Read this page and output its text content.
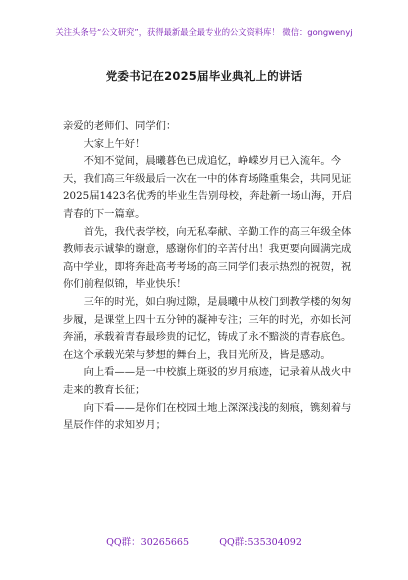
关注头条号“公文研究”，获得最新最全最专业的公文资料库！ 微信：gongwenyj
党委书记在2025届毕业典礼上的讲话

亲爱的老师们、同学们：

大家上午好！

不知不觉间，晨曦暮色已成追忆，峥嵘岁月已入流年。今天，我们高三年级最后一次在一中的体育场隆重集会，共同见证2025届1423名优秀的毕业生告别母校，奔赴新一场山海，开启青春的下一篇章。

首先，我代表学校，向无私奉献、辛勤工作的高三年级全体教师表示诚挚的谢意，感谢你们的辛苦付出！我更要向圆满完成高中学业，即将奔赴高考考场的高三同学们表示热烈的祝贺，祝你们前程似锦，毕业快乐！

三年的时光，如白驹过隙，是晨曦中从校门到教学楼的匆匆步履，是课堂上四十五分钟的凝神专注；三年的时光，亦如长河奔涌，承载着青春最珍贵的记忆，铸成了永不黯淡的青春底色。在这个承载光荣与梦想的舞台上，我目光所及，皆是感动。

向上看——是一中校旗上斑驳的岁月痕迹，记录着从战火中走来的教育长征；

向下看——是你们在校园土地上深深浅浅的刻痕，镌刻着与星辰作伴的求知岁月；

QQ群：30265665          QQ群:535304092
